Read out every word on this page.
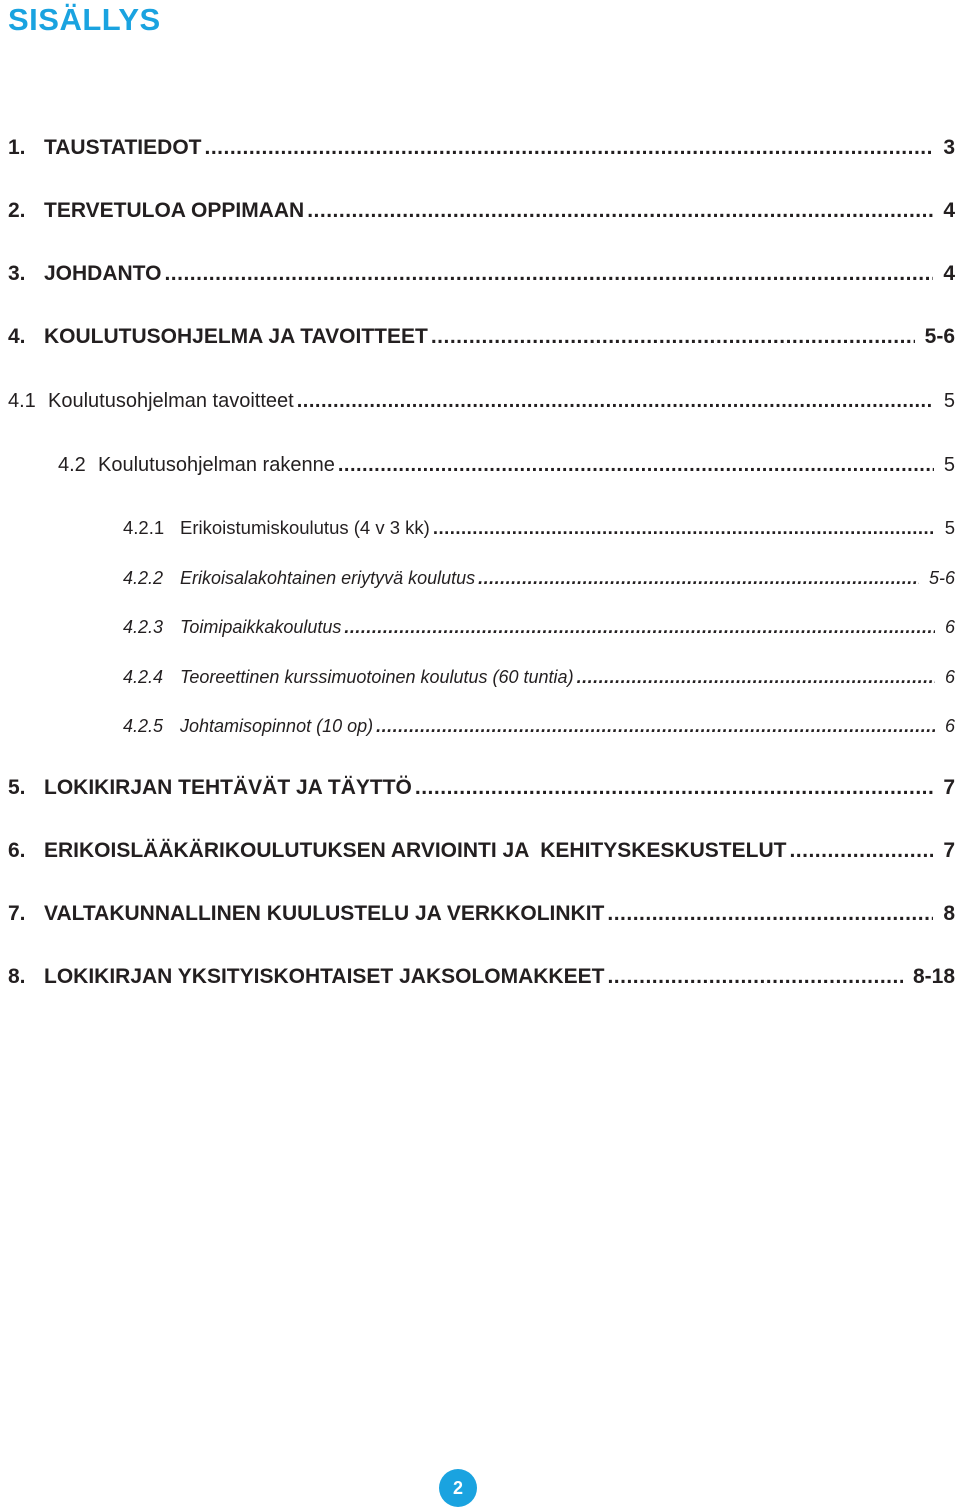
SISÄLLYS
1. TAUSTATIEDOT .....	3
2. TERVETULOA OPPIMAAN .....	4
3. JOHDANTO .....	4
4. KOULUTUSOHJELMA JA TAVOITTEET .....	5-6
4.1 Koulutusohjelman tavoitteet .....	5
4.2 Koulutusohjelman rakenne .....	5
4.2.1 Erikoistumiskoulutus (4 v 3 kk) .....	5
4.2.2 Erikoisalakohtainen eriytyvä koulutus .....	5-6
4.2.3 Toimipaikkakoulutus .....	6
4.2.4 Teoreettinen kurssimuotoinen koulutus (60 tuntia) .....	6
4.2.5 Johtamisopinnot (10 op) .....	6
5. LOKIKIRJAN TEHTÄVÄT JA TÄYTTÖ .....	7
6. ERIKOISLÄÄKÄRIKOULUTUKSEN ARVIOINTI JA  KEHITYSKESKUSTELUT .....	7
7. VALTAKUNNALLINEN KUULUSTELU JA VERKKOLINKIT .....	8
8. LOKIKIRJAN YKSITYISKOHTAISET JAKSOLOMAKKEET .....	8-18
2
